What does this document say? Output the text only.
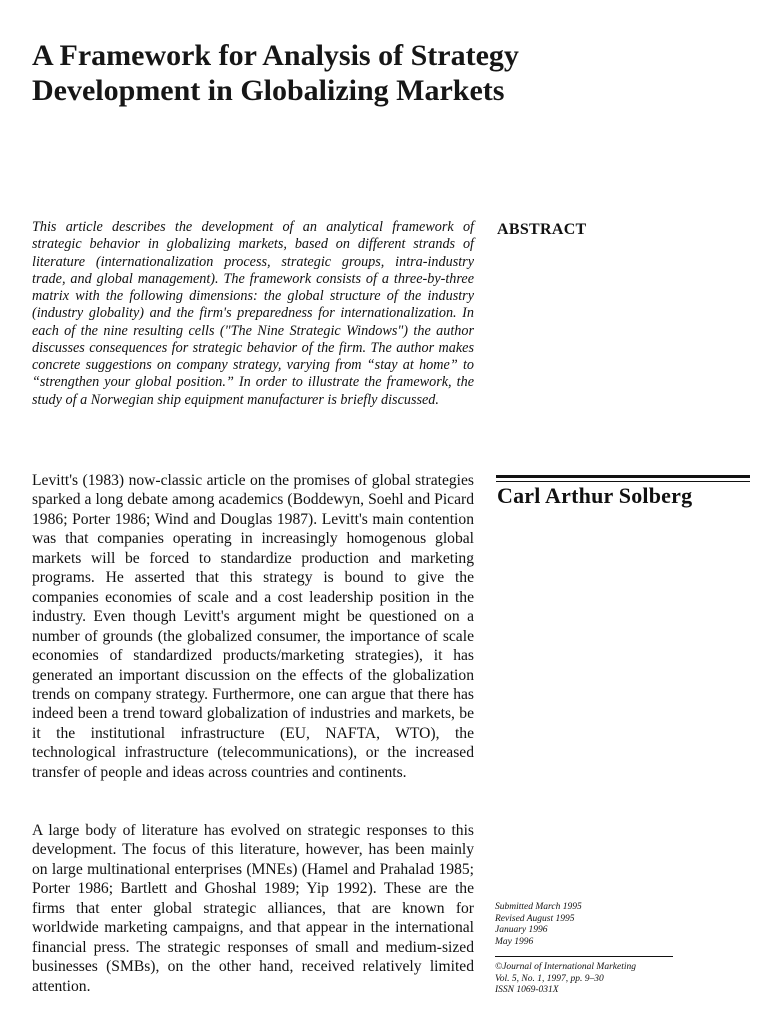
A Framework for Analysis of Strategy
Development in Globalizing Markets

This article describes the development of an analytical framework of strategic behavior in globalizing markets, based on different strands of literature (internationalization process, strategic groups, intra-industry trade, and global management). The framework consists of a three-by-three matrix with the following dimensions: the global structure of the industry (industry globality) and the firm's preparedness for internationalization. In each of the nine resulting cells ("The Nine Strategic Windows") the author discusses consequences for strategic behavior of the firm. The author makes concrete suggestions on company strategy, varying from “stay at home” to “strengthen your global position.” In order to illustrate the framework, the study of a Norwegian ship equipment manufacturer is briefly discussed.

ABSTRACT
Carl Arthur Solberg

Levitt's (1983) now-classic article on the promises of global strategies sparked a long debate among academics (Boddewyn, Soehl and Picard 1986; Porter 1986; Wind and Douglas 1987). Levitt's main contention was that companies operating in increasingly homogenous global markets will be forced to standardize production and marketing programs. He asserted that this strategy is bound to give the companies economies of scale and a cost leadership position in the industry. Even though Levitt's argument might be questioned on a number of grounds (the globalized consumer, the importance of scale economies of standardized products/marketing strategies), it has generated an important discussion on the effects of the globalization trends on company strategy. Furthermore, one can argue that there has indeed been a trend toward globalization of industries and markets, be it the institutional infrastructure (EU, NAFTA, WTO), the technological infrastructure (telecommunications), or the increased transfer of people and ideas across countries and continents.

A large body of literature has evolved on strategic responses to this development. The focus of this literature, however, has been mainly on large multinational enterprises (MNEs) (Hamel and Prahalad 1985; Porter 1986; Bartlett and Ghoshal 1989; Yip 1992). These are the firms that enter global strategic alliances, that are known for worldwide marketing campaigns, and that appear in the international financial press. The strategic responses of small and medium-sized businesses (SMBs), on the other hand, received relatively limited attention.

Submitted March 1995
Revised August 1995
January 1996
May 1996
©Journal of International Marketing
Vol. 5, No. 1, 1997, pp. 9–30
ISSN 1069-031X
